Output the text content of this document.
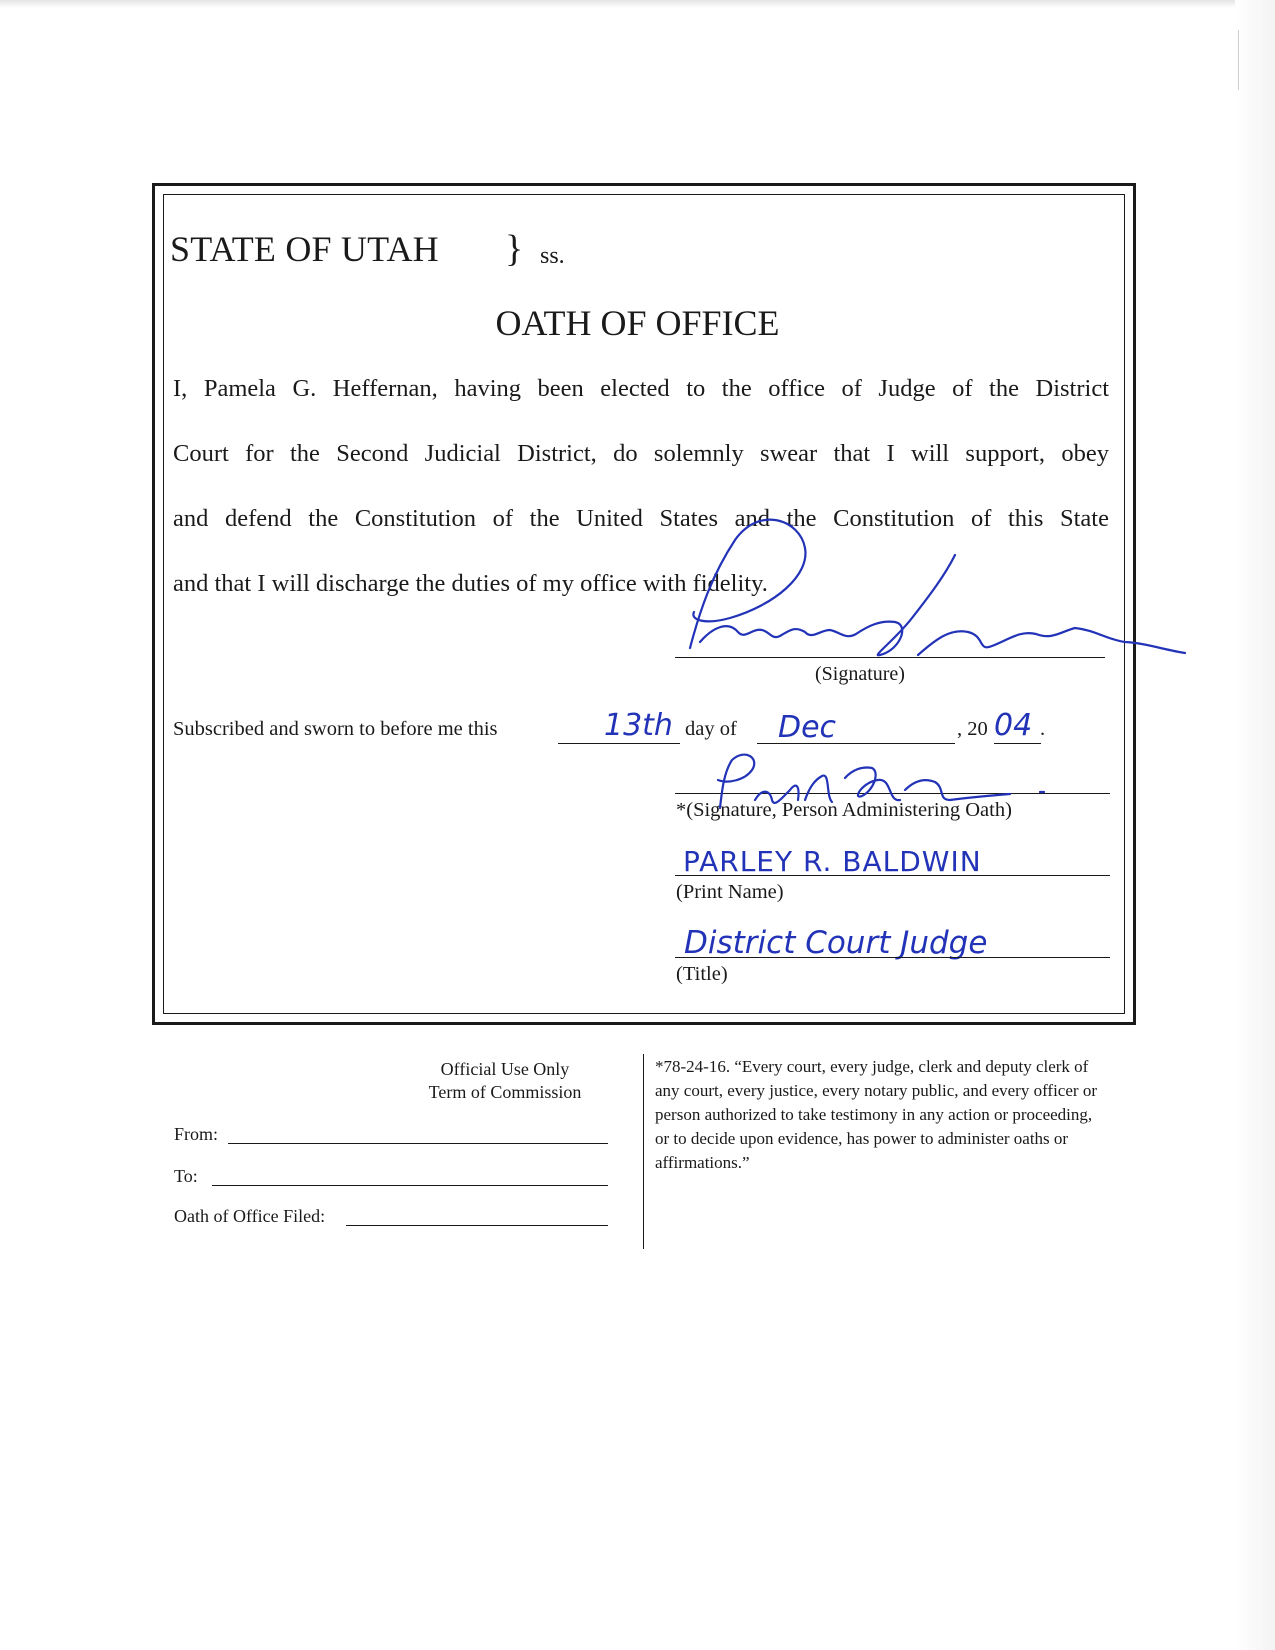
STATE OF UTAH } ss.
OATH OF OFFICE
I, Pamela G. Heffernan, having been elected to the office of Judge of the District
Court for the Second Judicial District, do solemnly swear that I will support, obey
and defend the Constitution of the United States and the Constitution of this State
and that I will discharge the duties of my office with fidelity.
(Signature)
Subscribed and sworn to before me this	day of	, 20	.
13th	Dec	04
*(Signature, Person Administering Oath)
PARLEY R. BALDWIN
(Print Name)
District Court Judge
(Title)
Official Use Only
Term of Commission
From:
To:
Oath of Office Filed:
*78-24-16. “Every court, every judge, clerk and deputy clerk of any court, every justice, every notary public, and every officer or person authorized to take testimony in any action or proceeding, or to decide upon evidence, has power to administer oaths or affirmations.”
